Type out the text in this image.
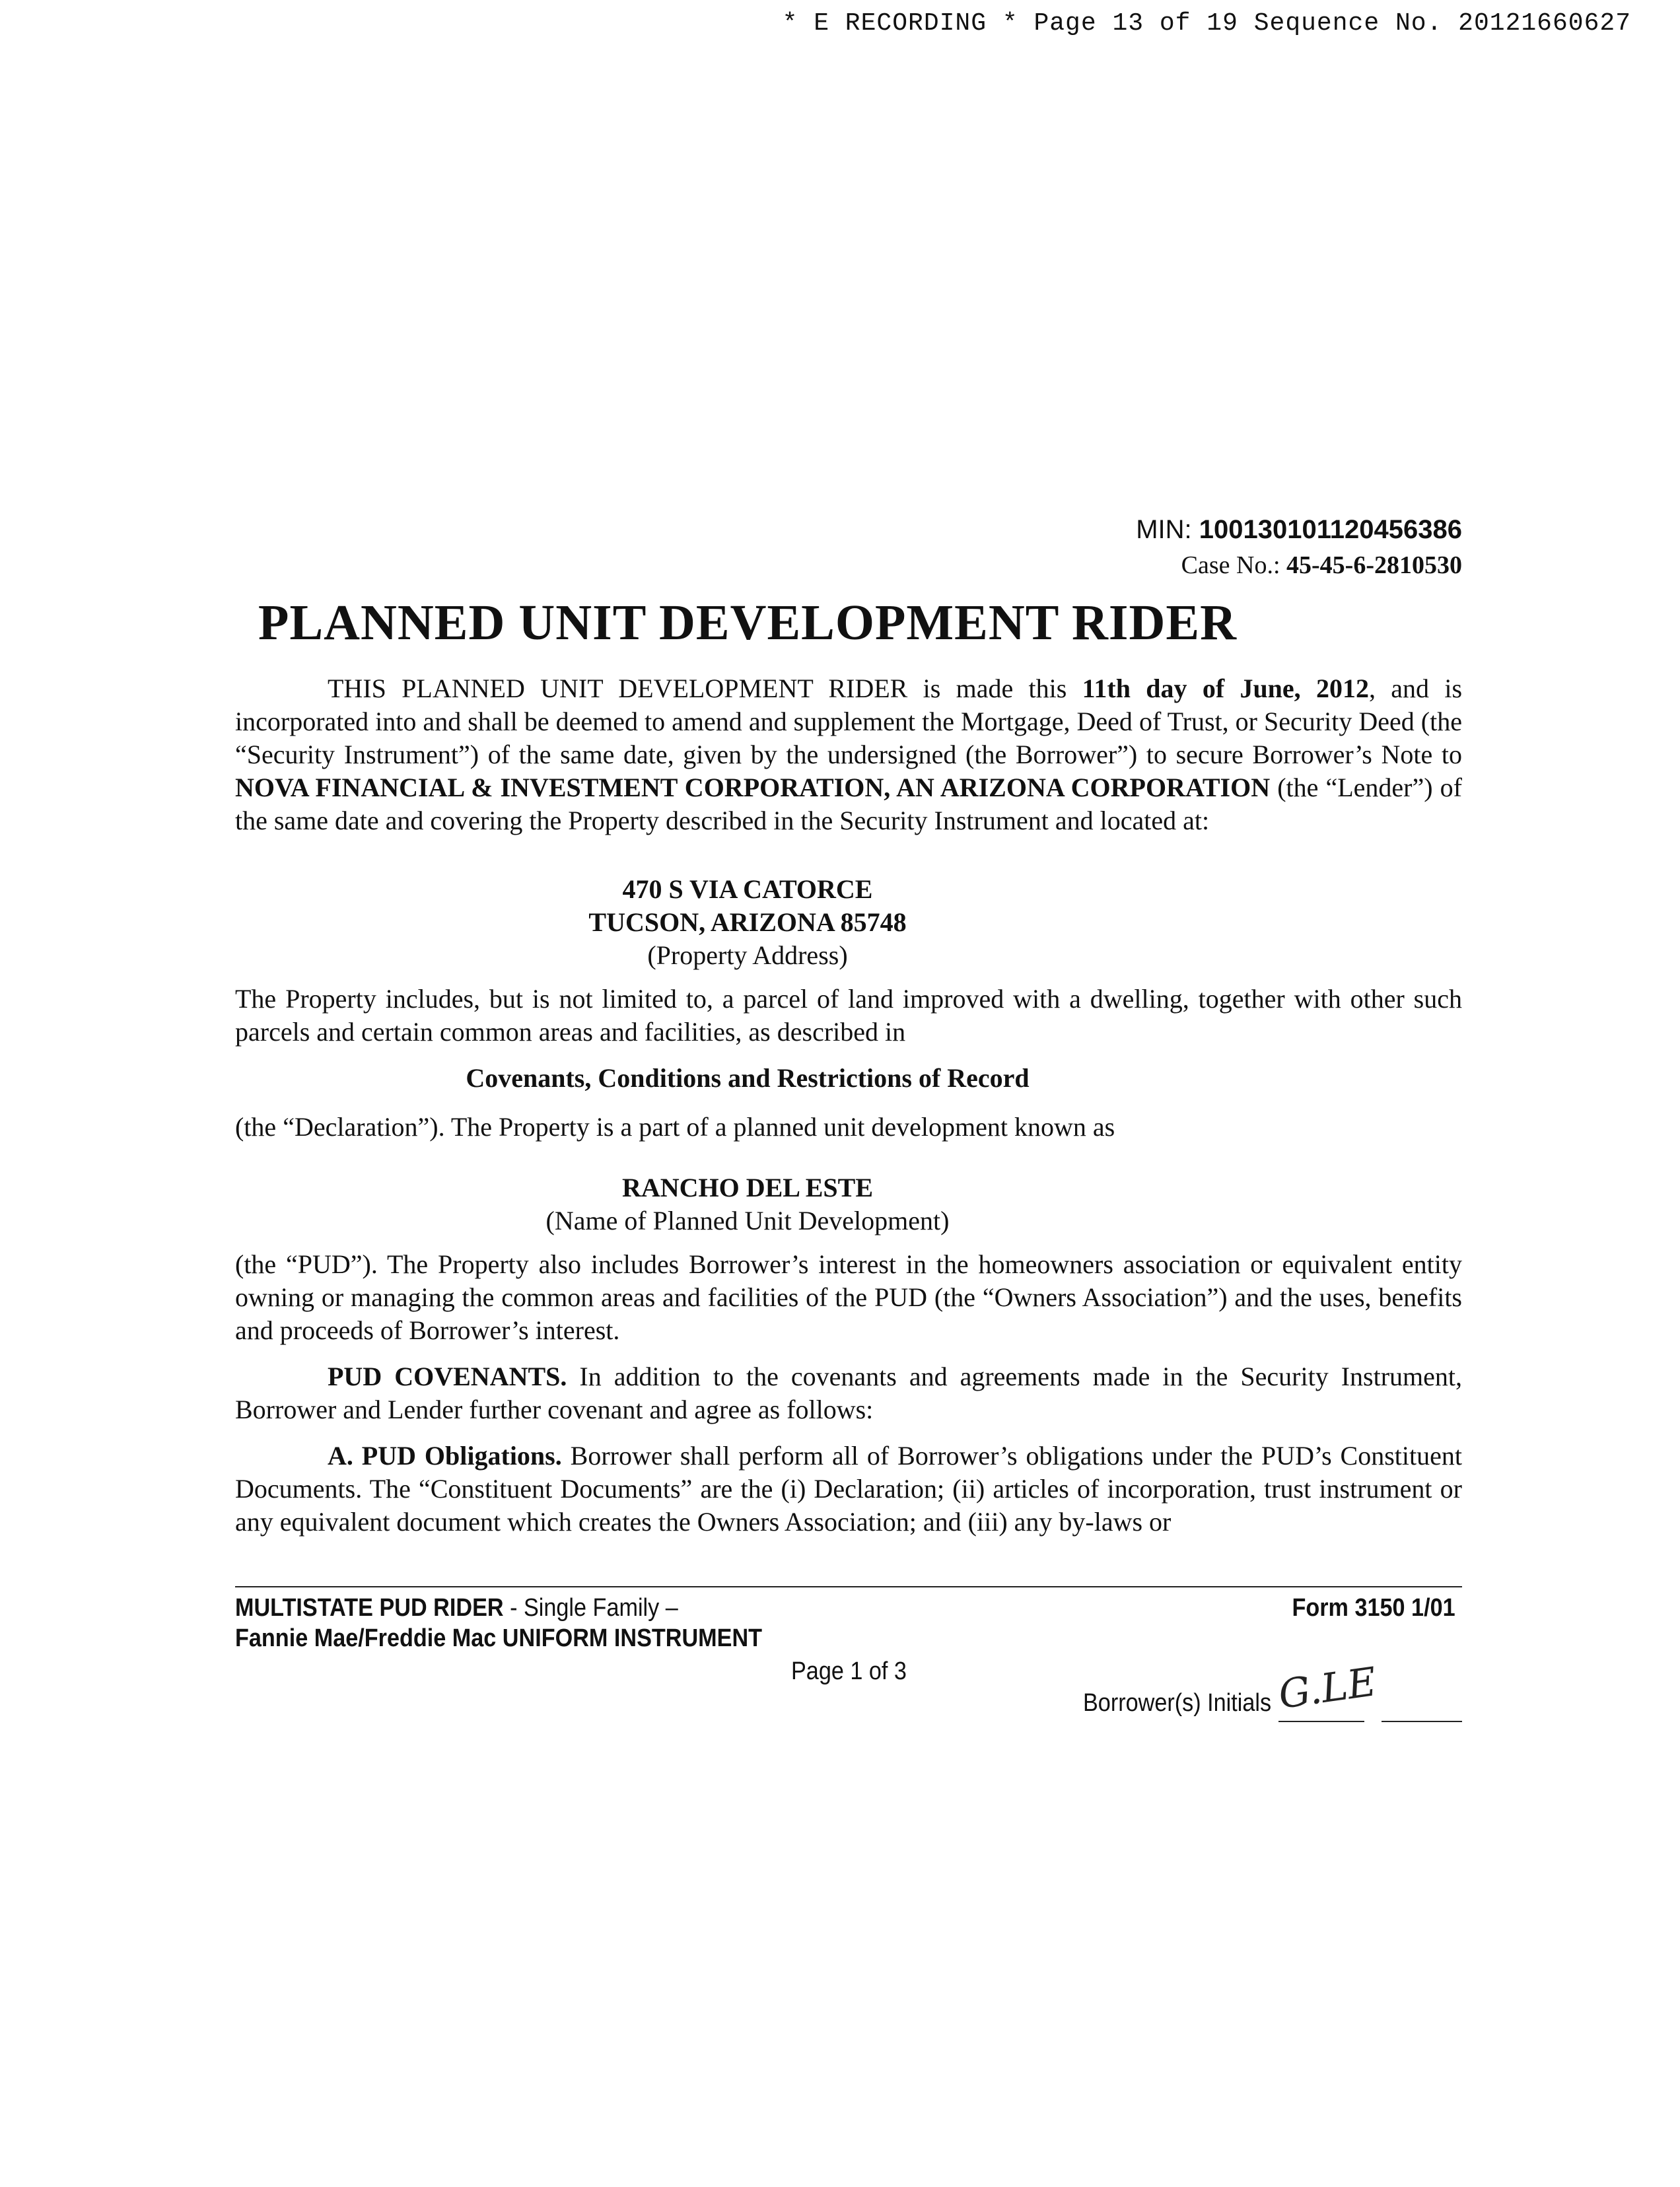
* E RECORDING * Page 13 of 19 Sequence No. 20121660627
MIN: 100130101120456386
Case No.: 45-45-6-2810530
PLANNED UNIT DEVELOPMENT RIDER
THIS PLANNED UNIT DEVELOPMENT RIDER is made this 11th day of June, 2012, and is incorporated into and shall be deemed to amend and supplement the Mortgage, Deed of Trust, or Security Deed (the “Security Instrument”) of the same date, given by the undersigned (the Borrower”) to secure Borrower’s Note to NOVA FINANCIAL & INVESTMENT CORPORATION, AN ARIZONA CORPORATION (the “Lender”) of the same date and covering the Property described in the Security Instrument and located at:
470 S VIA CATORCE
TUCSON, ARIZONA 85748
(Property Address)
The Property includes, but is not limited to, a parcel of land improved with a dwelling, together with other such parcels and certain common areas and facilities, as described in
Covenants, Conditions and Restrictions of Record
(the “Declaration”). The Property is a part of a planned unit development known as
RANCHO DEL ESTE
(Name of Planned Unit Development)
(the “PUD”). The Property also includes Borrower’s interest in the homeowners association or equivalent entity owning or managing the common areas and facilities of the PUD (the “Owners Association”) and the uses, benefits and proceeds of Borrower’s interest.
PUD COVENANTS. In addition to the covenants and agreements made in the Security Instrument, Borrower and Lender further covenant and agree as follows:
A. PUD Obligations. Borrower shall perform all of Borrower’s obligations under the PUD’s Constituent Documents. The “Constituent Documents” are the (i) Declaration; (ii) articles of incorporation, trust instrument or any equivalent document which creates the Owners Association; and (iii) any by-laws or
MULTISTATE PUD RIDER - Single Family –
Fannie Mae/Freddie Mac UNIFORM INSTRUMENT
Form 3150 1/01
Page 1 of 3
Borrower(s) Initials G.LE
